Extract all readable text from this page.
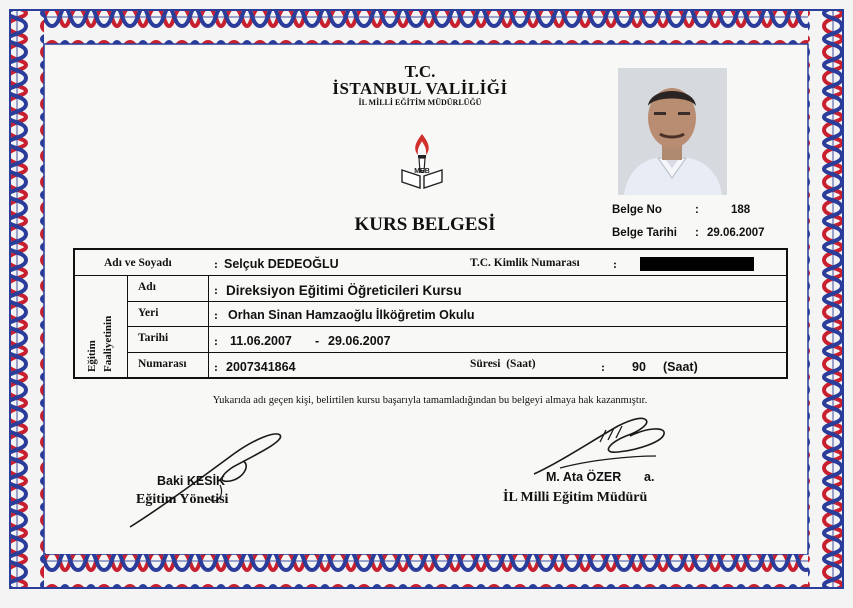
T.C.
İSTANBUL VALİLİĞİ
İL MİLLİ EĞİTİM MÜDÜRLÜĞÜ
MEB
KURS BELGESİ
Belge No	:	188
Belge Tarihi : 29.06.2007
Adı ve Soyadı	: Selçuk DEDEOĞLU	T.C. Kimlik Numarası	:
Eğitim Faaliyetinin
Adı	: Direksiyon Eğitimi Öğreticileri Kursu
Yeri	: Orhan Sinan Hamzaoğlu İlköğretim Okulu
Tarihi	: 11.06.2007 - 29.06.2007
Numarası : 2007341864	Süresi  (Saat)	: 90 (Saat)
Yukarıda adı geçen kişi, belirtilen kursu başarıyla tamamladığından bu belgeyi almaya hak kazanmıştır.
Baki KESİK
Eğitim Yönetisi
M. Ata ÖZER a.
İL Milli Eğitim Müdürü
